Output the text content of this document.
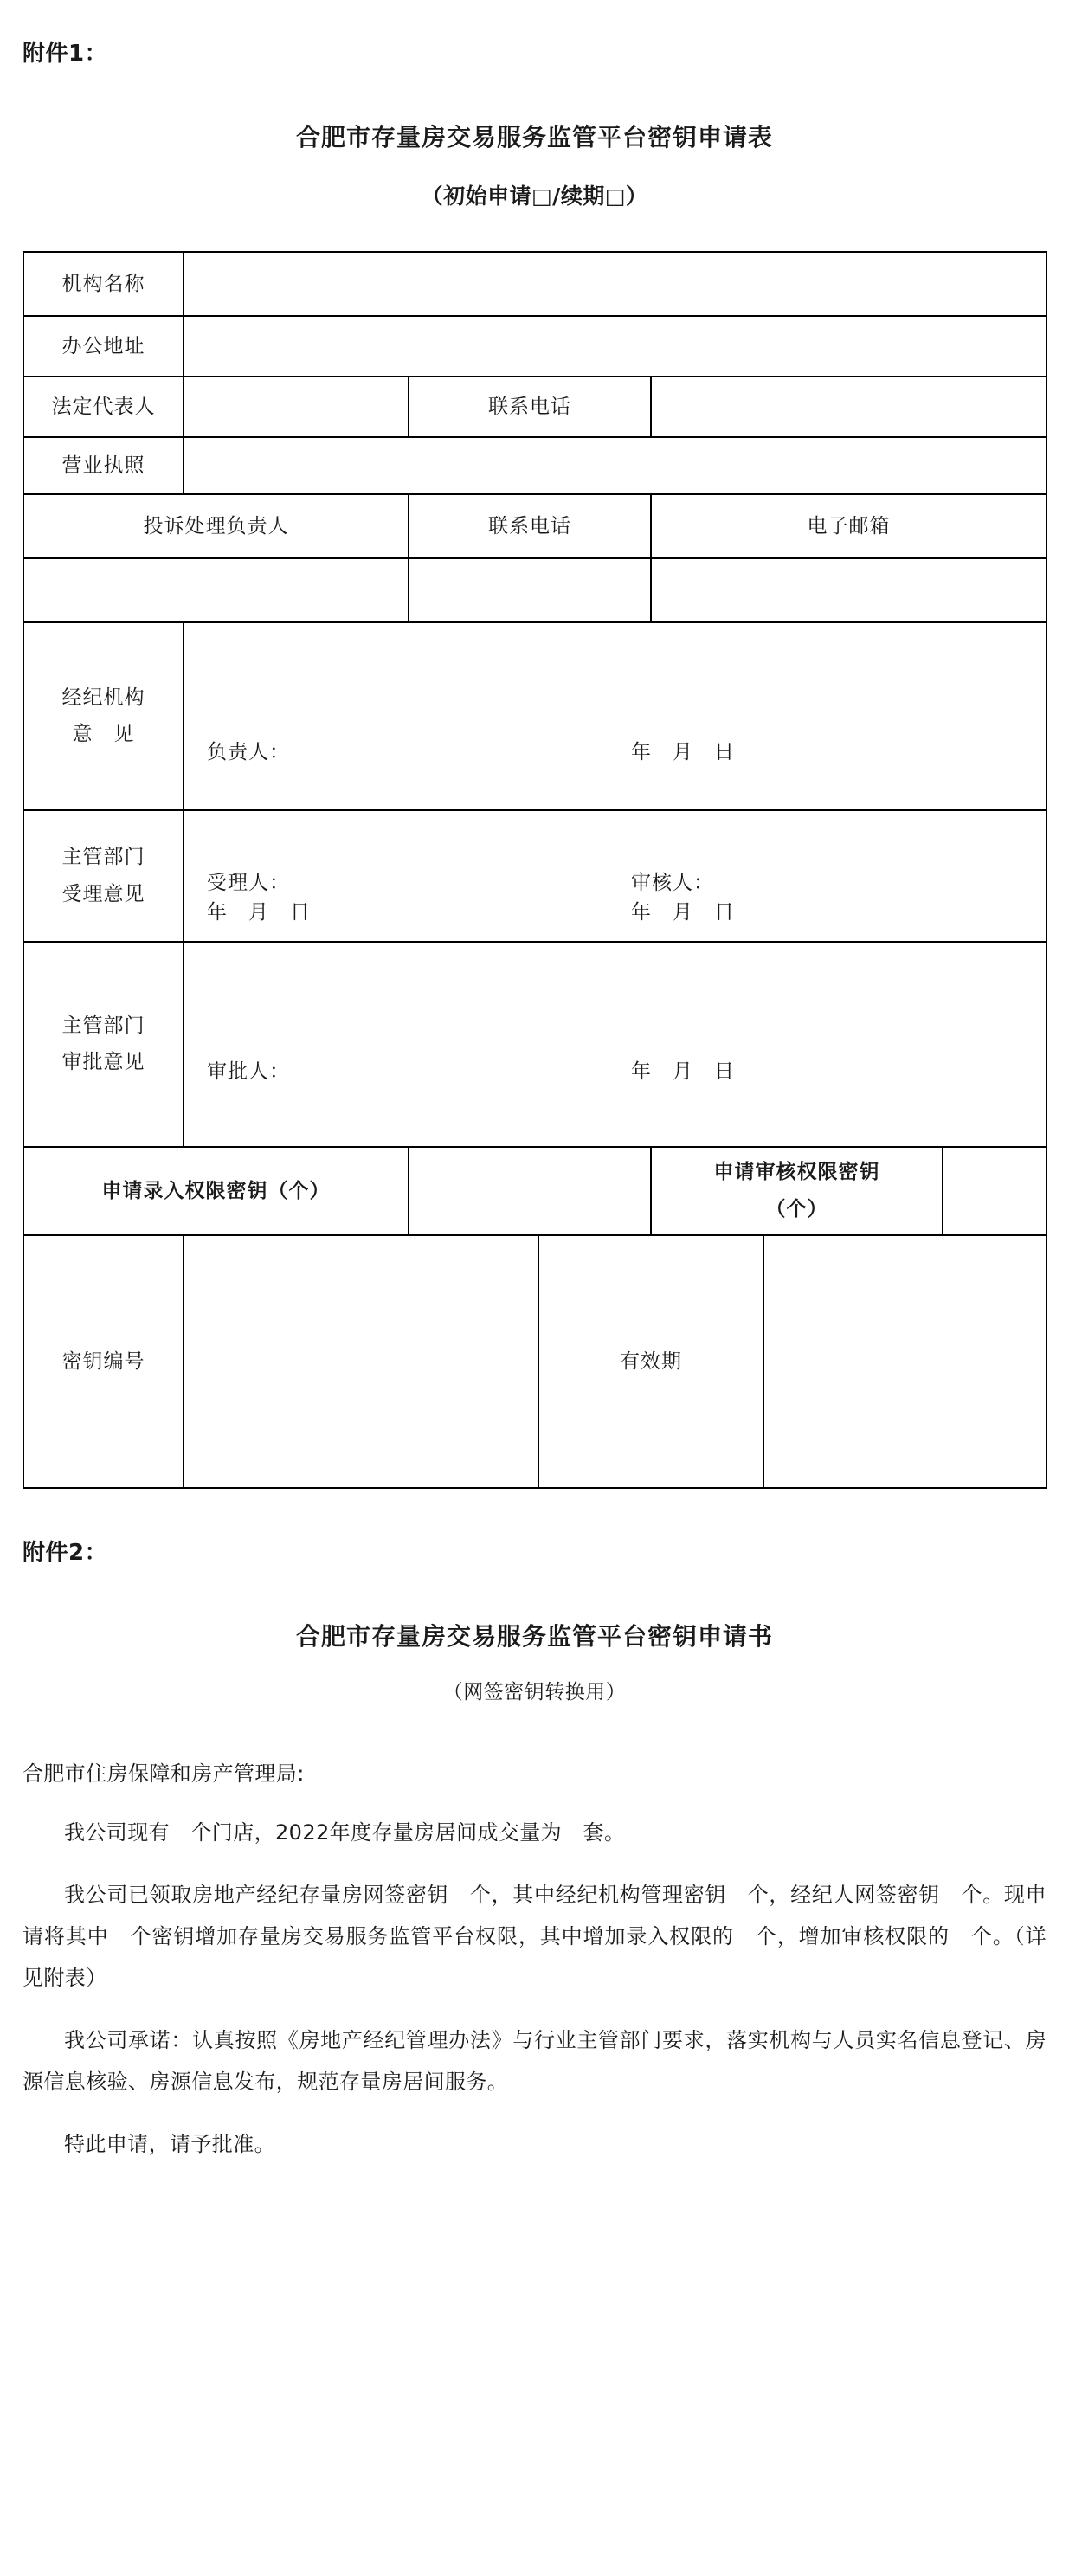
附件1：
合肥市存量房交易服务监管平台密钥申请表
（初始申请□/续期□）
机构名称						
办公地址						
法定代表人		联系电话				
营业执照						
投诉处理负责人		联系电话		电子邮箱		

经纪机构
意　见	负责人： 年　月　日					

主管部门
受理意见	受理人：	审核人：
年　月　日	年　月　日

主管部门
审批意见	审批人： 年　月　日					

申请录入权限密钥（个）				申请审核权限密钥
（个）		

密钥编号			有效期			
附件2：
合肥市存量房交易服务监管平台密钥申请书
（网签密钥转换用）
合肥市住房保障和房产管理局:

我公司现有　个门店，2022年度存量房居间成交量为　套。

我公司已领取房地产经纪存量房网签密钥　个，其中经纪机构管理密钥　个，经纪人网签密钥　个。现申请将其中　个密钥增加存量房交易服务监管平台权限，其中增加录入权限的　个，增加审核权限的　个。（详见附表）

我公司承诺：认真按照《房地产经纪管理办法》与行业主管部门要求，落实机构与人员实名信息登记、房源信息核验、房源信息发布，规范存量房居间服务。

特此申请，请予批准。
